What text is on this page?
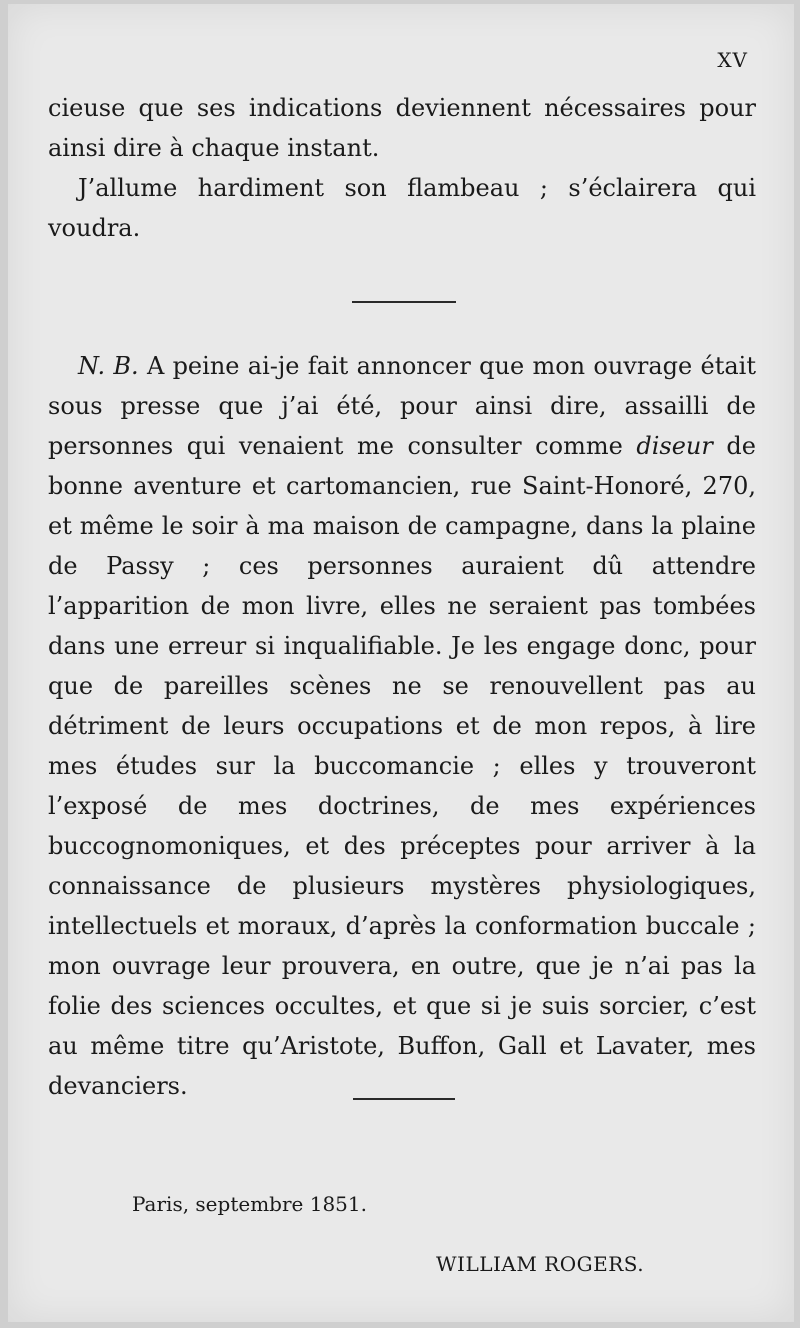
XV

cieuse que ses indications deviennent nécessaires pour ainsi dire à chaque instant.

J’allume hardiment son flambeau ; s’éclairera qui voudra.

N. B. A peine ai-je fait annoncer que mon ouvrage était sous presse que j’ai été, pour ainsi dire, assailli de personnes qui venaient me consulter comme diseur de bonne aventure et cartomancien, rue Saint-Honoré, 270, et même le soir à ma maison de campagne, dans la plaine de Passy ; ces personnes auraient dû attendre l’apparition de mon livre, elles ne seraient pas tombées dans une erreur si inqualifiable. Je les engage donc, pour que de pareilles scènes ne se renouvellent pas au détriment de leurs occupations et de mon repos, à lire mes études sur la buccomancie ; elles y trouveront l’exposé de mes doctrines, de mes expériences buccognomoniques, et des préceptes pour arriver à la connaissance de plusieurs mystères physiologiques, intellectuels et moraux, d’après la conformation buccale ; mon ouvrage leur prouvera, en outre, que je n’ai pas la folie des sciences occultes, et que si je suis sorcier, c’est au même titre qu’Aristote, Buffon, Gall et Lavater, mes devanciers.

Paris, septembre 1851.
WILLIAM ROGERS.
